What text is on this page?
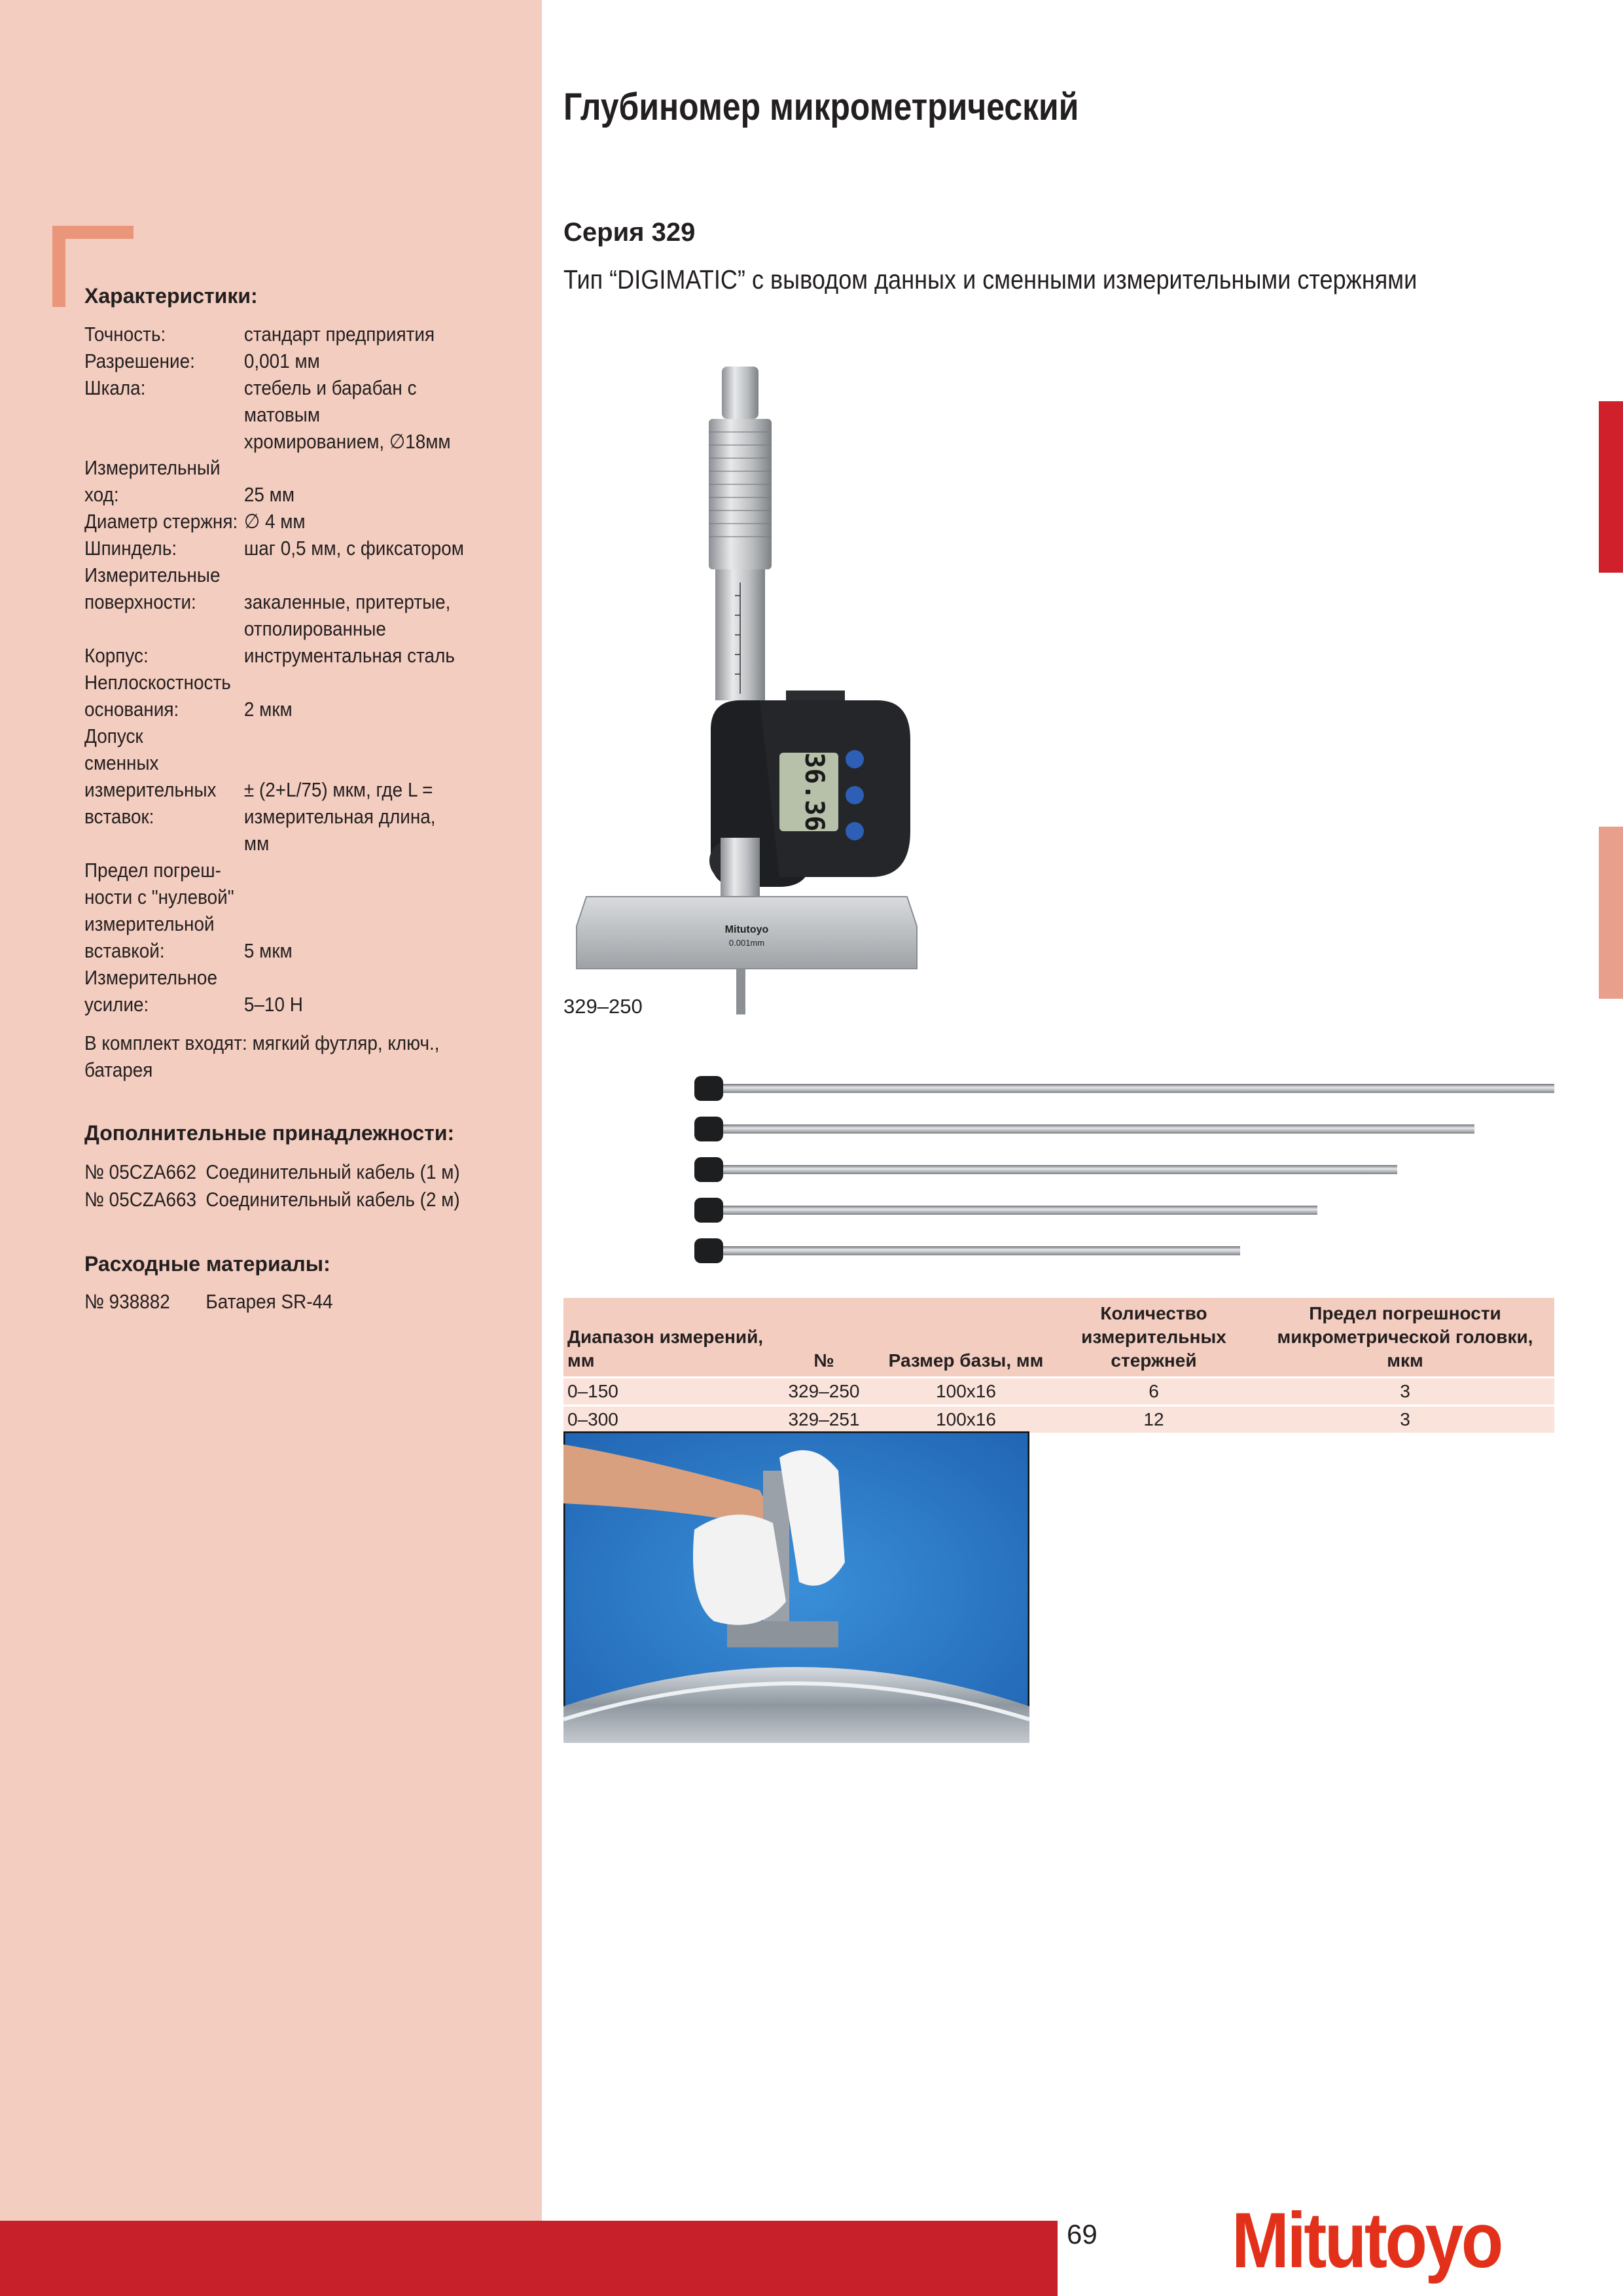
Характеристики:
Точность:	стандарт предприятия
Разрешение:	0,001 мм
Шкала:	стебель и барабан с матовым хромированием, ∅18мм
Измерительный ход:	25 мм
Диаметр стержня: ∅ 4 мм
Шпиндель:	шаг 0,5 мм, с фиксатором
Измерительные поверхности:	закаленные, притертые, отполированные
Корпус:	инструментальная сталь
Неплоскостность основания:	2 мкм
Допуск сменных измерительных вставок:
± (2+L/75) мкм, где L = измерительная длина, мм
Предел погреш-ности с "нулевой" измерительной вставкой:	5 мкм
Измерительное усилие:	5–10 Н
В комплект входят: мягкий футляр, ключ., батарея
Дополнительные принадлежности:
№ 05CZA662 Соединительный кабель (1 м)
№ 05CZA663 Соединительный кабель (2 м)
Расходные материалы:
№ 938882	Батарея SR-44
Глубиномер микрометрический
Серия 329
Тип “DIGIMATIC” с выводом данных и сменными измерительными стержнями
36.36
Mitutoyo
0.001mm
329–250
Диапазон измерений, мм	№	Размер базы, мм	Количество измерительных стержней	Предел погрешности микрометрической головки, мкм
0–150	329–250	100x16	6	3
0–300	329–251	100x16	12	3
69 Mitutoyo
